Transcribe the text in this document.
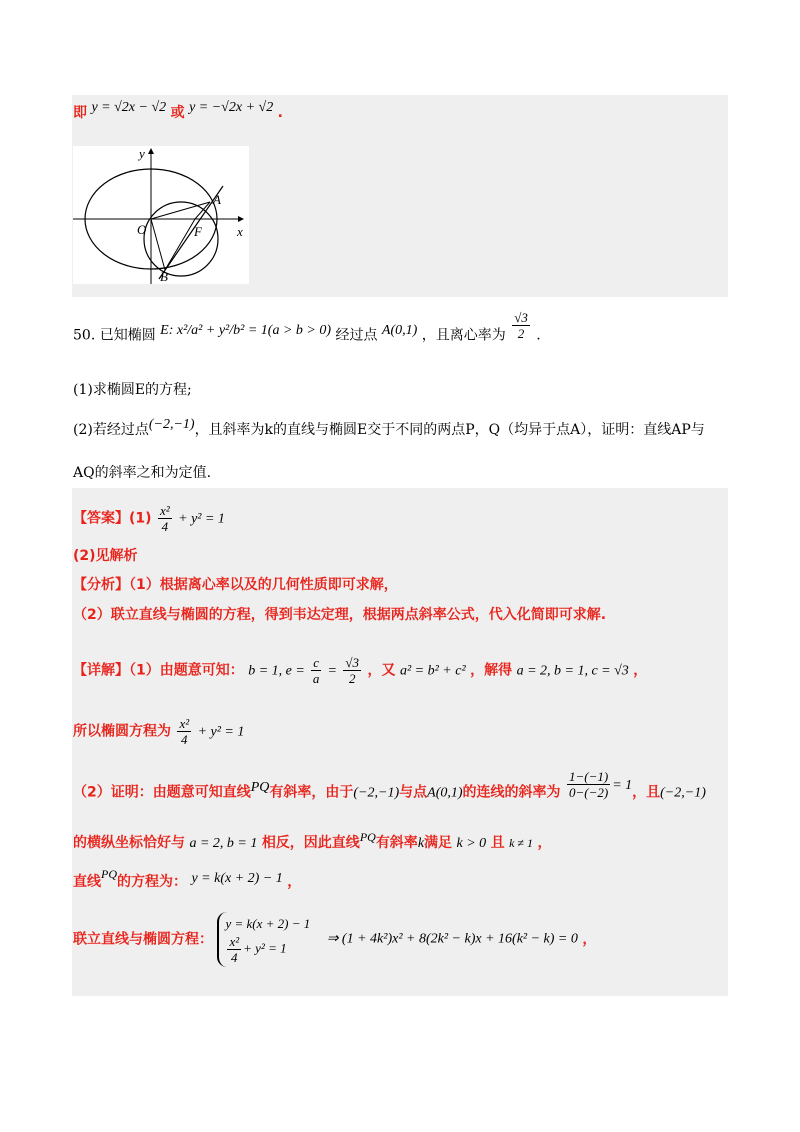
即 y = √2x − √2 或 y = −√2x + √2 .
y
x
O	F
A
B
50. 已知椭圆 E: x²/a² + y²/b² = 1(a > b > 0) 经过点 A(0,1) ，且离心率为 $\frac{√3}{2}$ .
(1)求椭圆E的方程;
(2)若经过点(−2,−1)，且斜率为k的直线与椭圆E交于不同的两点P，Q（均异于点A），证明：直线AP与
AQ的斜率之和为定值.
【答案】$(1) \frac{\text{x²}}{4} + y^2 = 1$
(2)见解析
【分析】（1）根据离心率以及的几何性质即可求解，
（2）联立直线与椭圆的方程，得到韦达定理，根据两点斜率公式，代入化简即可求解.
【详解】（1）由题意可知： b = 1, $e = \frac{c}{a} = \frac{√3}{2}$ ，又 a² = b² + c² ，解得 a = 2, b = 1, c = √3 ，
所以椭圆方程为 $\frac{\text{x²}}{4} + y^2 = 1$
（2）证明：由题意可知直线PQ有斜率，由于(−2,−1)与点A(0,1)的连线的斜率为 $\frac{1-(-1)}{0-(-2)} = 1$，且(−2,−1)
的横纵坐标恰好与 a = 2, b = 1 相反，因此直线PQ有斜率k满足 k > 0 且 k ≠ 1 ，
直线PQ的方程为： y = k(x + 2) − 1 ，
联立直线与椭圆方程：
y = k(x + 2) − 1
$\frac{\text{x²}}{4} + y^2 = 1$
⇒ (1 + 4k²)x² + 8(2k² − k)x + 16(k² − k) = 0 ，
